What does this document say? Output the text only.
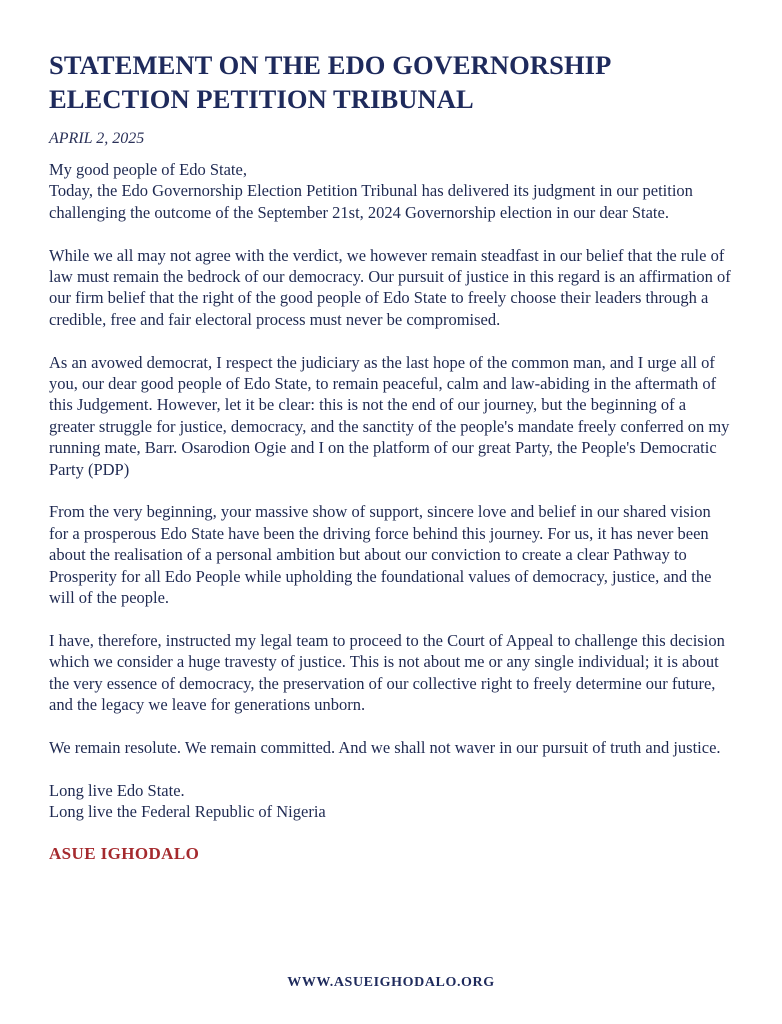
STATEMENT ON THE EDO GOVERNORSHIP
ELECTION PETITION TRIBUNAL
APRIL 2, 2025

My good people of Edo State,

Today, the Edo Governorship Election Petition Tribunal has delivered its judgment in our petition challenging the outcome of the September 21st, 2024 Governorship election in our dear State.

While we all may not agree with the verdict, we however remain steadfast in our belief that the rule of law must remain the bedrock of our democracy. Our pursuit of justice in this regard is an affirmation of our firm belief that the right of the good people of Edo State to freely choose their leaders through a credible, free and fair electoral process must never be compromised.

As an avowed democrat, I respect the judiciary as the last hope of the common man, and I urge all of you, our dear good people of Edo State, to remain peaceful, calm and law-abiding in the aftermath of this Judgement. However, let it be clear: this is not the end of our journey, but the beginning of a greater struggle for justice, democracy, and the sanctity of the people's mandate freely conferred on my running mate, Barr. Osarodion Ogie and I on the platform of our great Party, the People's Democratic Party (PDP)

From the very beginning, your massive show of support, sincere love and belief in our shared vision for a prosperous Edo State have been the driving force behind this journey. For us, it has never been about the realisation of a personal ambition but about our conviction to create a clear Pathway to Prosperity for all Edo People while upholding the foundational values of democracy, justice, and the will of the people.

I have, therefore, instructed my legal team to proceed to the Court of Appeal to challenge this decision which we consider a huge travesty of justice. This is not about me or any single individual; it is about the very essence of democracy, the preservation of our collective right to freely determine our future, and the legacy we leave for generations unborn.

We remain resolute. We remain committed. And we shall not waver in our pursuit of truth and justice.

Long live Edo State.

Long live the Federal Republic of Nigeria

ASUE IGHODALO
WWW.ASUEIGHODALO.ORG
